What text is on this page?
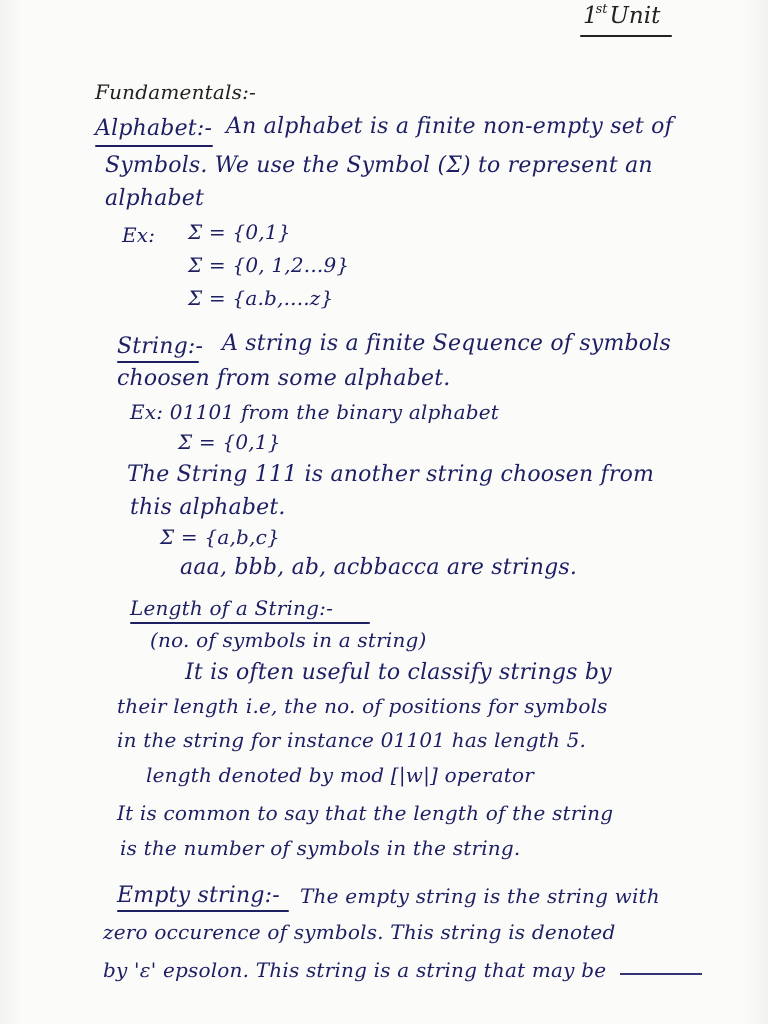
1stUnit
Fundamentals:-
Alphabet:- An alphabet is a finite non-empty set of
Symbols. We use the Symbol (Σ) to represent an
alphabet
Ex: Σ = {0,1}
Σ = {0, 1,2...9}
Σ = {a.b,....z}
String:- A string is a finite Sequence of symbols
choosen from some alphabet.
Ex: 01101 from the binary alphabet
Σ = {0,1}
The String 111 is another string choosen from
this alphabet.
Σ = {a,b,c}
aaa, bbb, ab, acbbacca are strings.
Length of a String:-
(no. of symbols in a string)
It is often useful to classify strings by
their length i.e, the no. of positions for symbols
in the string for instance 01101 has length 5.
length denoted by mod [|w|] operator
It is common to say that the length of the string
is the number of symbols in the string.
Empty string:- The empty string is the string with
zero occurence of symbols. This string is denoted
by 'ε' epsolon. This string is a string that may be
